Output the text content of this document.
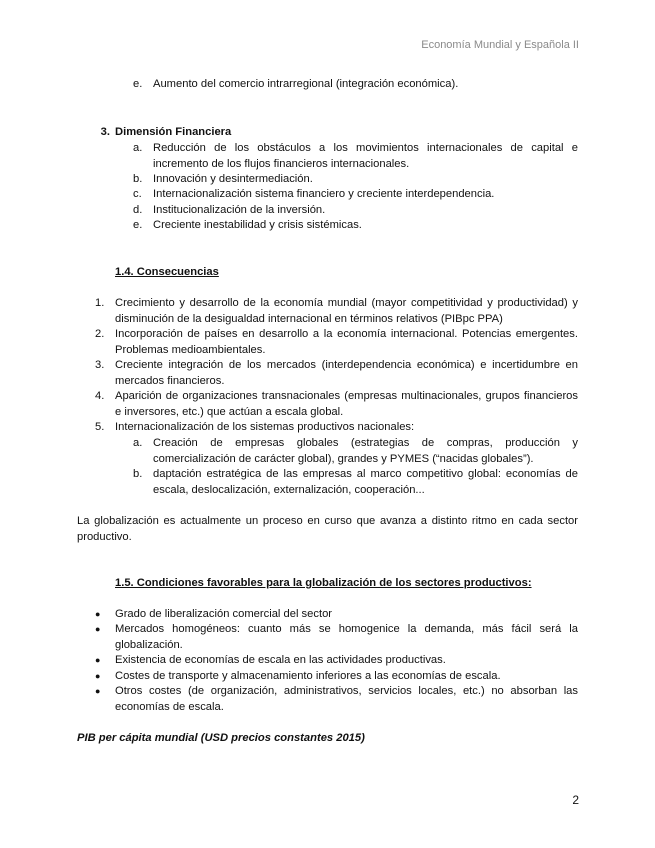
Economía Mundial y Española II
e. Aumento del comercio intrarregional (integración económica).
3. Dimensión Financiera
a. Reducción de los obstáculos a los movimientos internacionales de capital e incremento de los flujos financieros internacionales.
b. Innovación y desintermediación.
c.	Internacionalización sistema financiero y creciente interdependencia.
d. Institucionalización de la inversión.
e. Creciente inestabilidad y crisis sistémicas.
1.4. Consecuencias
1. Crecimiento y desarrollo de la economía mundial (mayor competitividad y productividad) y disminución de la desigualdad internacional en términos relativos (PIBpc PPA)
2. Incorporación de países en desarrollo a la economía internacional. Potencias emergentes. Problemas medioambientales.
3. Creciente integración de los mercados (interdependencia económica) e incertidumbre en mercados financieros.
4. Aparición de organizaciones transnacionales (empresas multinacionales, grupos financieros e inversores, etc.) que actúan a escala global.
5. Internacionalización de los sistemas productivos nacionales:
a. Creación de empresas globales (estrategias de compras, producción y comercialización de carácter global), grandes y PYMES (“nacidas globales”).
b. daptación estratégica de las empresas al marco competitivo global: economías de escala, deslocalización, externalización, cooperación...
La globalización es actualmente un proceso en curso que avanza a distinto ritmo en cada sector productivo.
1.5. Condiciones favorables para la globalización de los sectores productivos:
●	Grado de liberalización comercial del sector
●	Mercados homogéneos: cuanto más se homogenice la demanda, más fácil será la globalización.
●	Existencia de economías de escala en las actividades productivas.
●	Costes de transporte y almacenamiento inferiores a las economías de escala.
●	Otros costes (de organización, administrativos, servicios locales, etc.) no absorban las economías de escala.
PIB per cápita mundial (USD precios constantes 2015)
2
